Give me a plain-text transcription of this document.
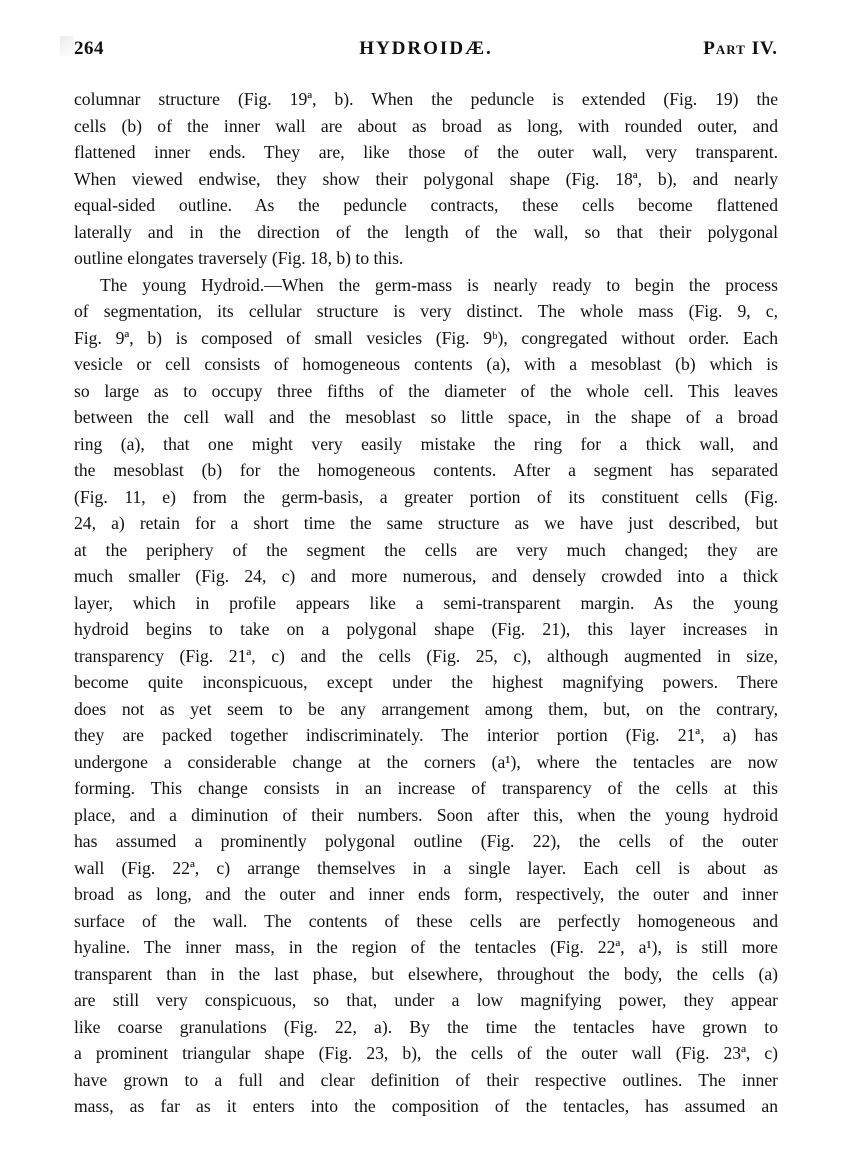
264	HYDROIDÆ.	Part IV.
columnar structure (Fig. 19ª, b). When the peduncle is extended (Fig. 19) the
cells (b) of the inner wall are about as broad as long, with rounded outer, and
flattened inner ends. They are, like those of the outer wall, very transparent.
When viewed endwise, they show their polygonal shape (Fig. 18ª, b), and nearly
equal-sided outline. As the peduncle contracts, these cells become flattened
laterally and in the direction of the length of the wall, so that their polygonal
outline elongates traversely (Fig. 18, b) to this.
The young Hydroid.—When the germ-mass is nearly ready to begin the process
of segmentation, its cellular structure is very distinct. The whole mass (Fig. 9, c,
Fig. 9ª, b) is composed of small vesicles (Fig. 9ᵇ), congregated without order. Each
vesicle or cell consists of homogeneous contents (a), with a mesoblast (b) which is
so large as to occupy three fifths of the diameter of the whole cell. This leaves
between the cell wall and the mesoblast so little space, in the shape of a broad
ring (a), that one might very easily mistake the ring for a thick wall, and
the mesoblast (b) for the homogeneous contents. After a segment has separated
(Fig. 11, e) from the germ-basis, a greater portion of its constituent cells (Fig.
24, a) retain for a short time the same structure as we have just described, but
at the periphery of the segment the cells are very much changed; they are
much smaller (Fig. 24, c) and more numerous, and densely crowded into a thick
layer, which in profile appears like a semi-transparent margin. As the young
hydroid begins to take on a polygonal shape (Fig. 21), this layer increases in
transparency (Fig. 21ª, c) and the cells (Fig. 25, c), although augmented in size,
become quite inconspicuous, except under the highest magnifying powers. There
does not as yet seem to be any arrangement among them, but, on the contrary,
they are packed together indiscriminately. The interior portion (Fig. 21ª, a) has
undergone a considerable change at the corners (a¹), where the tentacles are now
forming. This change consists in an increase of transparency of the cells at this
place, and a diminution of their numbers. Soon after this, when the young hydroid
has assumed a prominently polygonal outline (Fig. 22), the cells of the outer
wall (Fig. 22ª, c) arrange themselves in a single layer. Each cell is about as
broad as long, and the outer and inner ends form, respectively, the outer and inner
surface of the wall. The contents of these cells are perfectly homogeneous and
hyaline. The inner mass, in the region of the tentacles (Fig. 22ª, a¹), is still more
transparent than in the last phase, but elsewhere, throughout the body, the cells (a)
are still very conspicuous, so that, under a low magnifying power, they appear
like coarse granulations (Fig. 22, a). By the time the tentacles have grown to
a prominent triangular shape (Fig. 23, b), the cells of the outer wall (Fig. 23ª, c)
have grown to a full and clear definition of their respective outlines. The inner
mass, as far as it enters into the composition of the tentacles, has assumed an
